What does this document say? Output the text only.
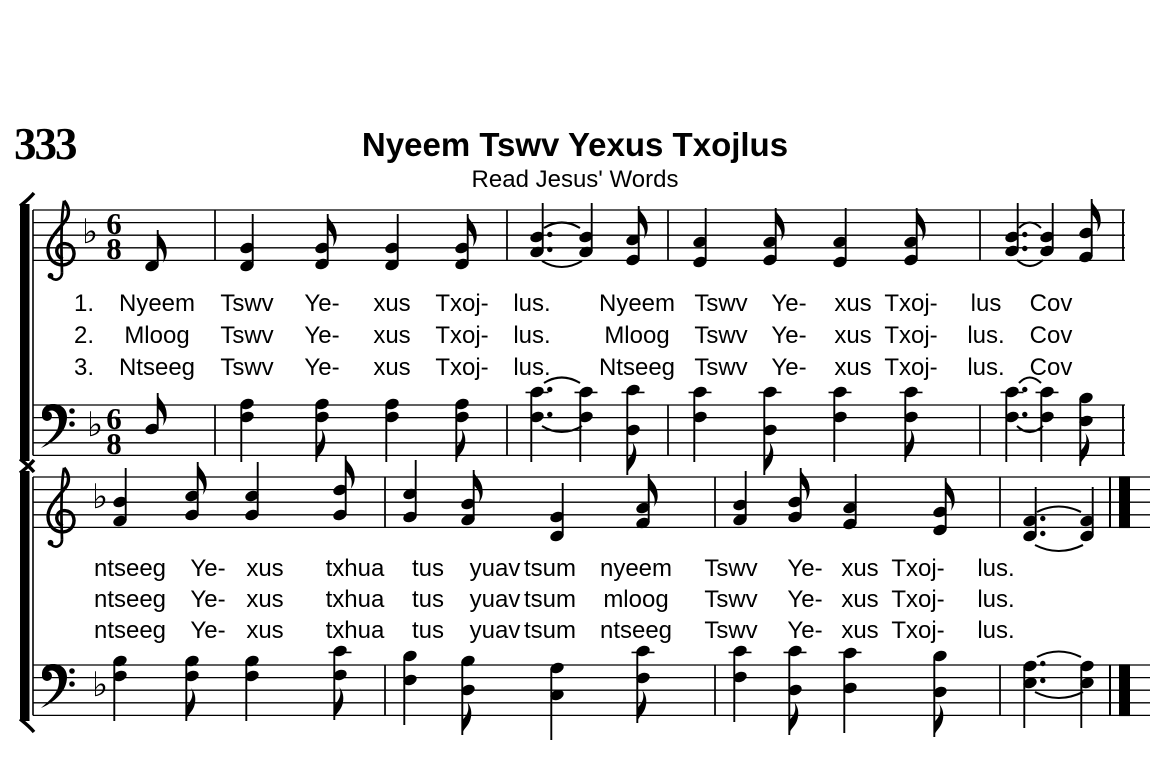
333	Nyeem Tswv Yexus Txojlus
Read Jesus' Words
♭ 6
8
♭ 6
8
1. Nyeem Tswv Ye- xus Txoj- lus. Nyeem Tswv Ye- xus Txoj- lus Cov
2. Mloog Tswv Ye- xus Txoj- lus. Mloog Tswv Ye- xus Txoj- lus. Cov
3. Ntseeg Tswv Ye- xus Txoj- lus. Ntseeg Tswv Ye- xus Txoj- lus. Cov
♭
♭
ntseeg Ye- xus txhua tus yuav tsum nyeem Tswv Ye- xus Txoj- lus.
ntseeg Ye- xus txhua tus yuav tsum mloog Tswv Ye- xus Txoj- lus.
ntseeg Ye- xus txhua tus yuav tsum ntseeg Tswv Ye- xus Txoj- lus.
